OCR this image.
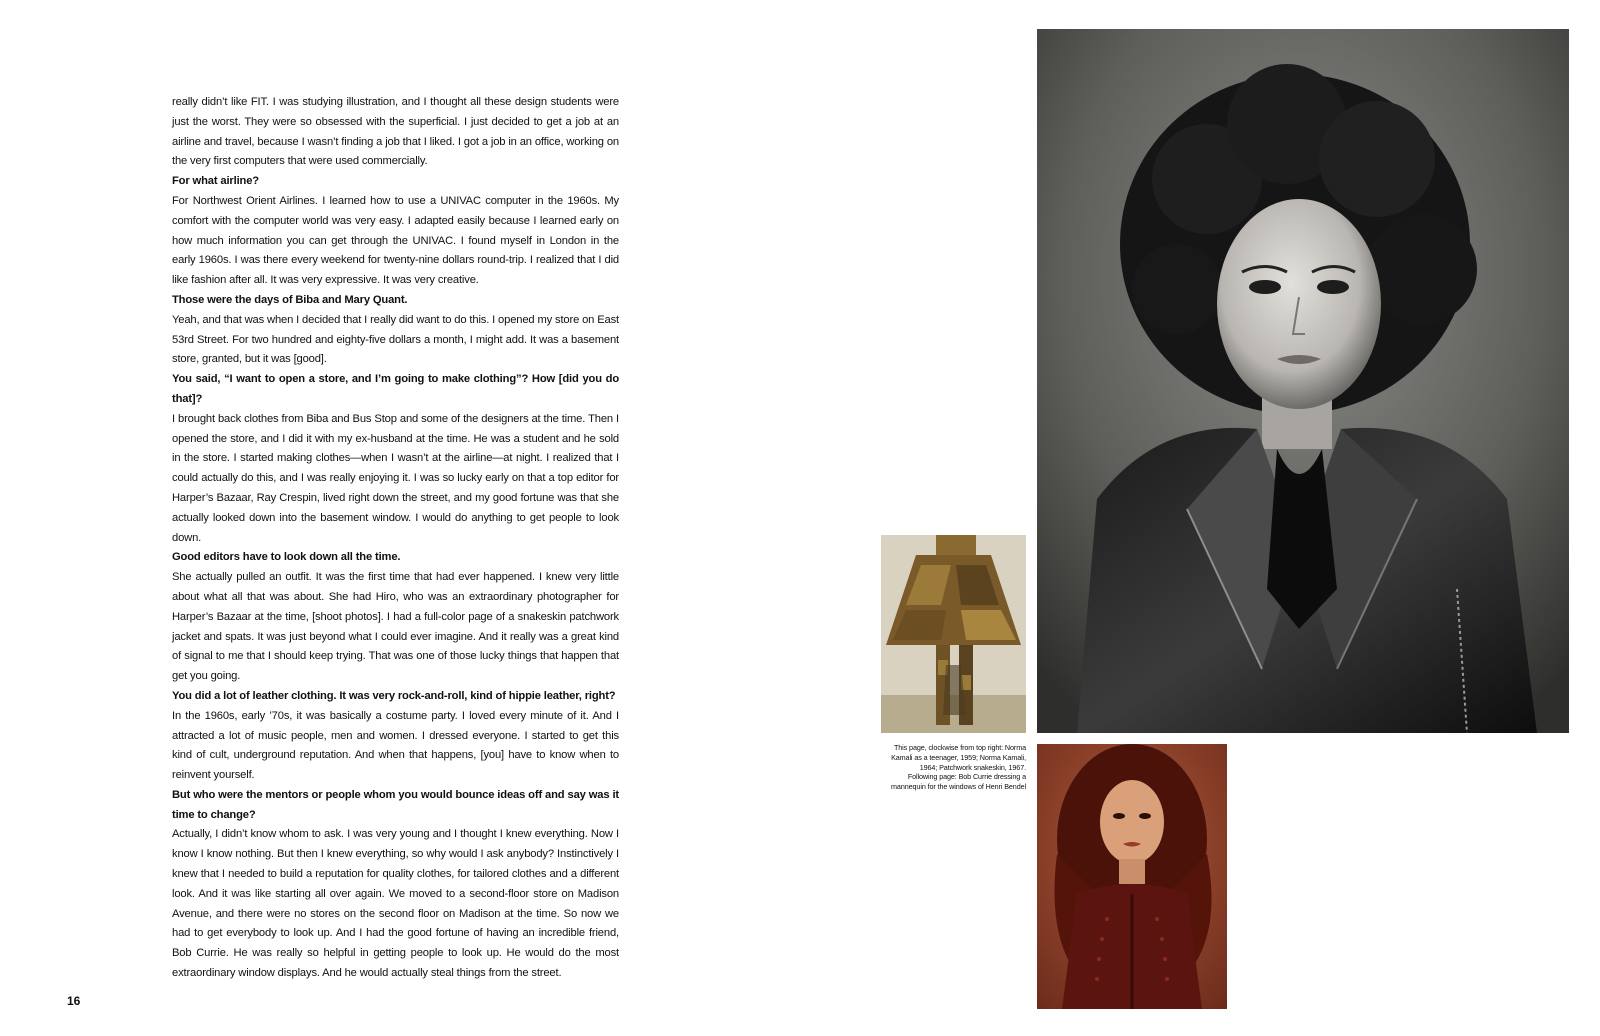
really didn’t like FIT. I was studying illustration, and I thought all these design students were just the worst. They were so obsessed with the superficial. I just decided to get a job at an airline and travel, because I wasn’t finding a job that I liked. I got a job in an office, working on the very first computers that were used commercially.

For what airline?

For Northwest Orient Airlines. I learned how to use a UNIVAC computer in the 1960s. My comfort with the computer world was very easy. I adapted easily because I learned early on how much information you can get through the UNIVAC. I found myself in London in the early 1960s. I was there every weekend for twenty-nine dollars round-trip. I realized that I did like fashion after all. It was very expressive. It was very creative.

Those were the days of Biba and Mary Quant.

Yeah, and that was when I decided that I really did want to do this. I opened my store on East 53rd Street. For two hundred and eighty-five dollars a month, I might add. It was a basement store, granted, but it was [good].

You said, “I want to open a store, and I’m going to make clothing”? How [did you do that]?

I brought back clothes from Biba and Bus Stop and some of the designers at the time. Then I opened the store, and I did it with my ex-husband at the time. He was a student and he sold in the store. I started making clothes—when I wasn’t at the airline—at night. I realized that I could actually do this, and I was really enjoying it. I was so lucky early on that a top editor for Harper’s Bazaar, Ray Crespin, lived right down the street, and my good fortune was that she actually looked down into the basement window. I would do anything to get people to look down.

Good editors have to look down all the time.

She actually pulled an outfit. It was the first time that had ever happened. I knew very little about what all that was about. She had Hiro, who was an extraordinary photographer for Harper’s Bazaar at the time, [shoot photos]. I had a full-color page of a snakeskin patchwork jacket and spats. It was just beyond what I could ever imagine. And it really was a great kind of signal to me that I should keep trying. That was one of those lucky things that happen that get you going.

You did a lot of leather clothing. It was very rock-and-roll, kind of hippie leather, right?

In the 1960s, early ’70s, it was basically a costume party. I loved every minute of it. And I attracted a lot of music people, men and women. I dressed everyone. I started to get this kind of cult, underground reputation. And when that happens, [you] have to know when to reinvent yourself.

But who were the mentors or people whom you would bounce ideas off and say was it time to change?

Actually, I didn’t know whom to ask. I was very young and I thought I knew everything. Now I know I know nothing. But then I knew everything, so why would I ask anybody? Instinctively I knew that I needed to build a reputation for quality clothes, for tailored clothes and a different look. And it was like starting all over again. We moved to a second-floor store on Madison Avenue, and there were no stores on the second floor on Madison at the time. So now we had to get everybody to look up. And I had the good fortune of having an incredible friend, Bob Currie. He was really so helpful in getting people to look up. He would do the most extraordinary window displays. And he would actually steal things from the street.

16
This page, clockwise from top right: Norma Kamali as a teenager, 1959; Norma Kamali, 1964; Patchwork snakeskin, 1967. Following page: Bob Currie dressing a mannequin for the windows of Henri Bendel
